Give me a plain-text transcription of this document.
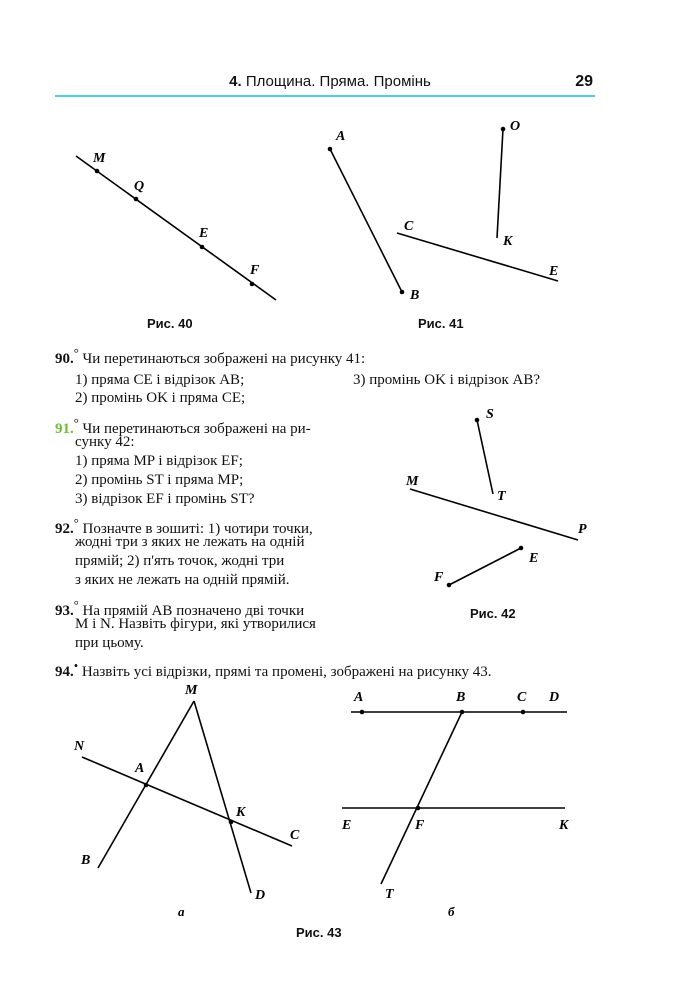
4. Площина. Пряма. Промінь	29
M
Q
E
F
A
B
C
E
O
K
S
T
M
P
E
F
M
N
A
K
C
B
D
A	B	C D
E	F	K
T
а	б
Рис. 40	Рис. 41
Рис. 42
Рис. 43
90.° Чи перетинаються зображені на рисунку 41:
1) пряма CE і відрізок AB;	3) промінь OK і відрізок AB?
2) промінь OK і пряма CE;
91.° Чи перетинаються зображені на ри-
сунку 42:
1) пряма MP і відрізок EF;
2) промінь ST і пряма MP;
3) відрізок EF і промінь ST?
92.° Позначте в зошиті: 1) чотири точки,
жодні три з яких не лежать на одній
прямій; 2) п'ять точок, жодні три
з яких не лежать на одній прямій.
93.° На прямій AB позначено дві точки
M і N. Назвіть фігури, які утворилися
при цьому.
94.• Назвіть усі відрізки, прямі та промені, зображені на рисунку 43.
